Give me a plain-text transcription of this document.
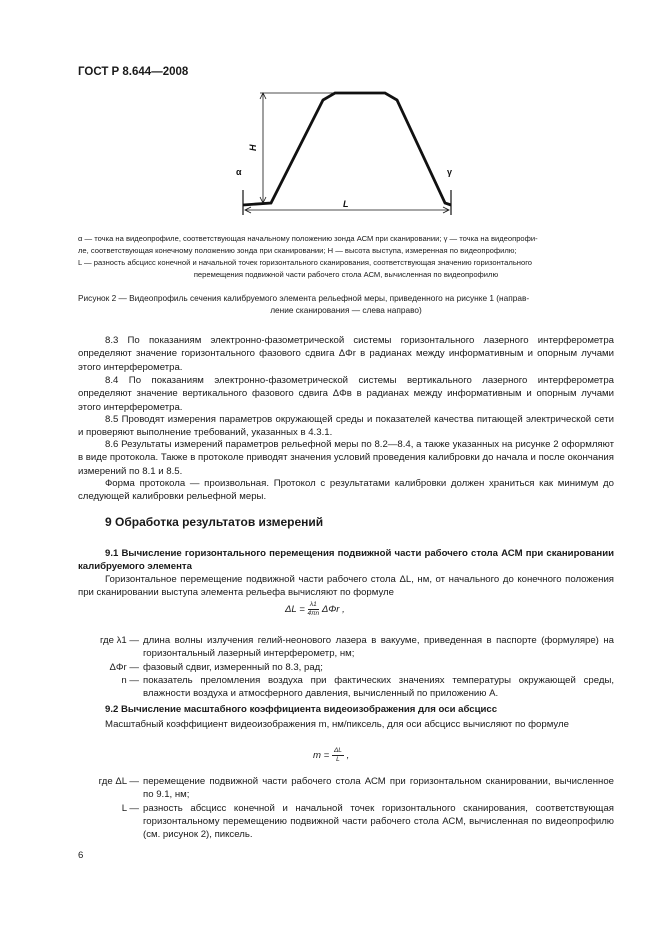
ГОСТ Р 8.644—2008
H
α	γ
L
α — точка на видеопрофиле, соответствующая начальному положению зонда АСМ при сканировании; γ — точка на видеопрофи-
ле, соответствующая конечному положению зонда при сканировании; H — высота выступа, измеренная по видеопрофилю;
L — разность абсцисс конечной и начальной точек горизонтального сканирования, соответствующая значению горизонтального
перемещения подвижной части рабочего стола АСМ, вычисленная по видеопрофилю
Рисунок 2 — Видеопрофиль сечения калибруемого элемента рельефной меры, приведенного на рисунке 1 (направ-
ление сканирования — слева направо)
8.3 По показаниям электронно-фазометрической системы горизонтального лазерного интерферометра определяют значение горизонтального фазового сдвига ΔΦr в радианах между информативным и опорным лучами этого интерферометра.
8.4 По показаниям электронно-фазометрической системы вертикального лазерного интерферометра определяют значение вертикального фазового сдвига ΔΦв в радианах между информативным и опорным лучами этого интерферометра.
8.5 Проводят измерения параметров окружающей среды и показателей качества питающей электрической сети и проверяют выполнение требований, указанных в 4.3.1.
8.6 Результаты измерений параметров рельефной меры по 8.2—8.4, а также указанных на рисунке 2 оформляют в виде протокола. Также в протоколе приводят значения условий проведения калибровки до начала и после окончания измерений по 8.1 и 8.5.
Форма протокола — произвольная. Протокол с результатами калибровки должен храниться как минимум до следующей калибровки рельефной меры.
9 Обработка результатов измерений
9.1 Вычисление горизонтального перемещения подвижной части рабочего стола АСМ при сканировании калибруемого элемента
Горизонтальное перемещение подвижной части рабочего стола ΔL, нм, от начального до конечного положения при сканировании выступа элемента рельефа вычисляют по формуле
$\Delta L = \frac{\lambda 1}{4\pi n}$ ΔΦr ,
где λ1 — длина волны излучения гелий-неонового лазера в вакууме, приведенная в паспорте (формуляре) на горизонтальный лазерный интерферометр, нм;
ΔΦr — фазовый сдвиг, измеренный по 8.3, рад;
n — показатель преломления воздуха при фактических значениях температуры окружающей среды, влажности воздуха и атмосферного давления, вычисленный по приложению А.
9.2 Вычисление масштабного коэффициента видеоизображения для оси абсцисс
Масштабный коэффициент видеоизображения m, нм/пиксель, для оси абсцисс вычисляют по формуле
$m = \frac{\Delta L}{L}$ ,
где ΔL — перемещение подвижной части рабочего стола АСМ при горизонтальном сканировании, вычисленное по 9.1, нм;
L — разность абсцисс конечной и начальной точек горизонтального сканирования, соответствующая горизонтальному перемещению подвижной части рабочего стола АСМ, вычисленная по видеопрофилю (см. рисунок 2), пиксель.
6
